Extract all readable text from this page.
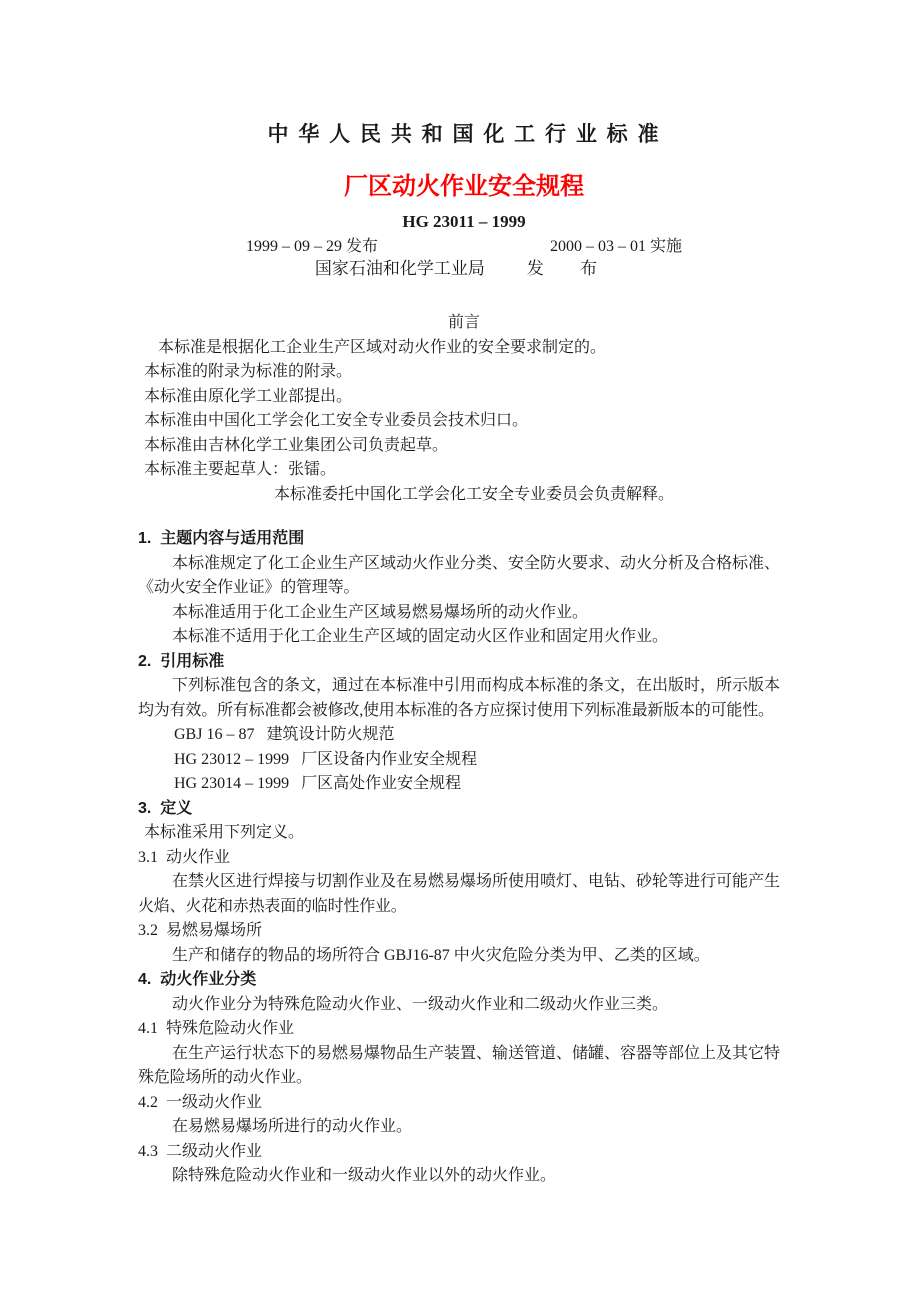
中 华 人 民 共 和 国 化 工 行 业 标 准
厂区动火作业安全规程
HG 23011 – 1999
1999 – 09 – 29 发布	2000 – 03 – 01 实施
国家石油和化学工业局 发 布
前言
本标准是根据化工企业生产区域对动火作业的安全要求制定的。
本标准的附录为标准的附录。
本标准由原化学工业部提出。
本标准由中国化工学会化工安全专业委员会技术归口。
本标准由吉林化学工业集团公司负责起草。
本标准主要起草人：张镭。
本标准委托中国化工学会化工安全专业委员会负责解释。
1.  主题内容与适用范围
本标准规定了化工企业生产区域动火作业分类、安全防火要求、动火分析及合格标准、
《动火安全作业证》的管理等。
本标准适用于化工企业生产区域易燃易爆场所的动火作业。
本标准不适用于化工企业生产区域的固定动火区作业和固定用火作业。
2.  引用标准
下列标准包含的条文，通过在本标准中引用而构成本标准的条文，在出版时，所示版本
均为有效。所有标准都会被修改,使用本标准的各方应探讨使用下列标准最新版本的可能性。
GBJ 16 – 87   建筑设计防火规范
HG 23012 – 1999   厂区设备内作业安全规程
HG 23014 – 1999   厂区高处作业安全规程
3.  定义
本标准采用下列定义。
3.1  动火作业
在禁火区进行焊接与切割作业及在易燃易爆场所使用喷灯、电钻、砂轮等进行可能产生
火焰、火花和赤热表面的临时性作业。
3.2  易燃易爆场所
生产和储存的物品的场所符合 GBJ16-87 中火灾危险分类为甲、乙类的区域。
4.  动火作业分类
动火作业分为特殊危险动火作业、一级动火作业和二级动火作业三类。
4.1  特殊危险动火作业
在生产运行状态下的易燃易爆物品生产装置、输送管道、储罐、容器等部位上及其它特
殊危险场所的动火作业。
4.2  一级动火作业
在易燃易爆场所进行的动火作业。
4.3  二级动火作业
除特殊危险动火作业和一级动火作业以外的动火作业。
